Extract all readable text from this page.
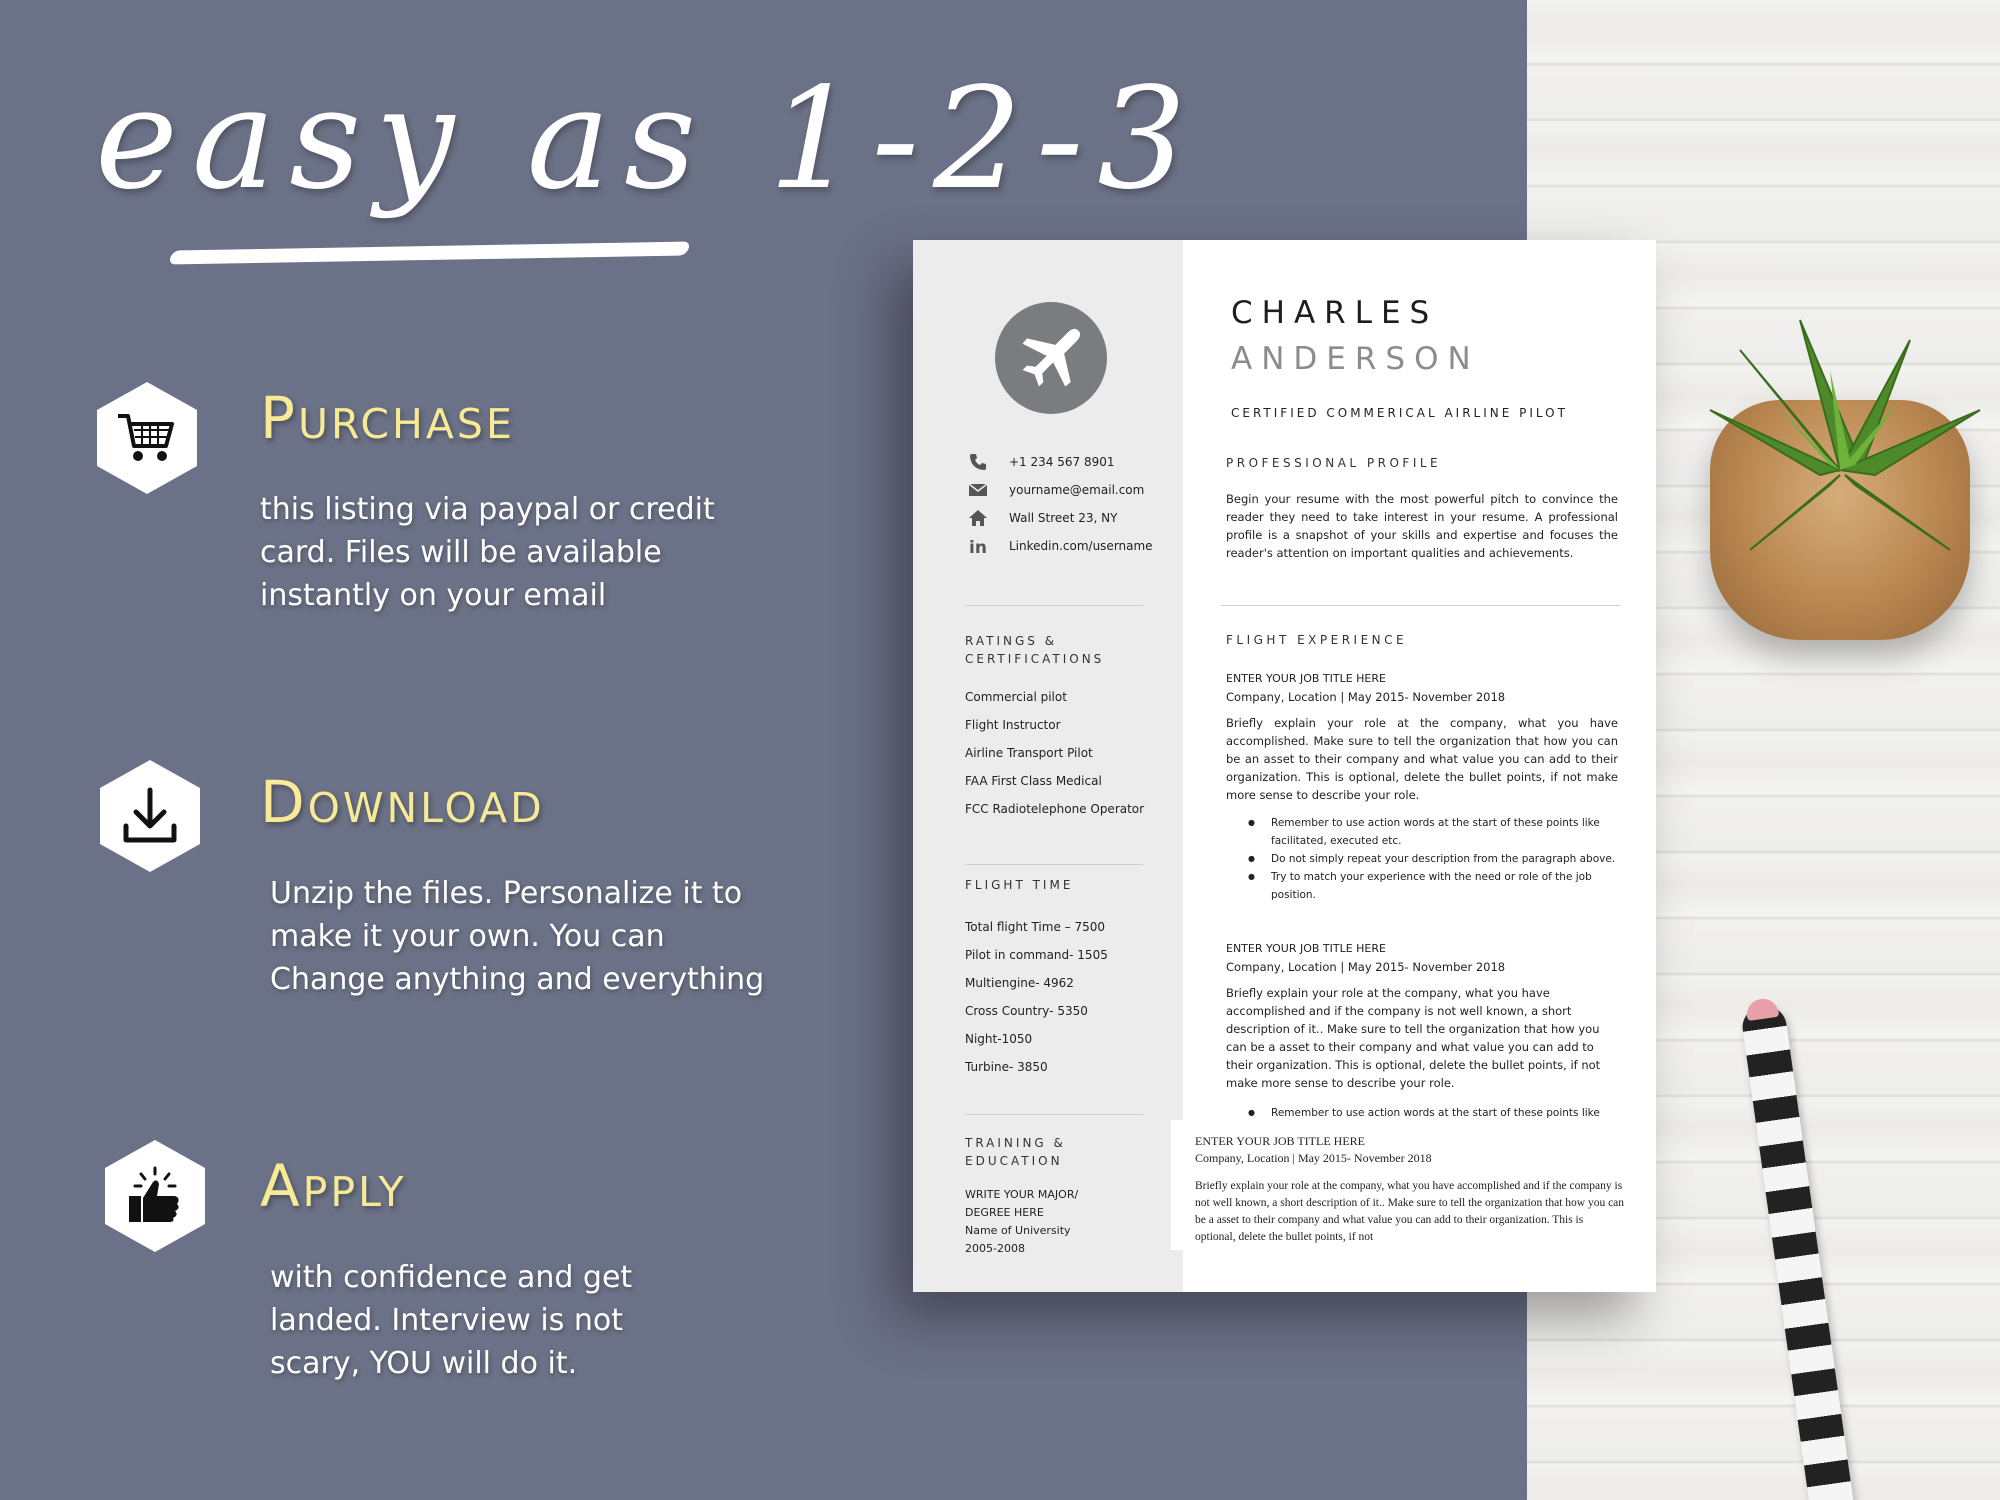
easy as 1-2-3
Purchase
this listing via paypal or credit card. Files will be available instantly on your email
Download
Unzip the files. Personalize it to make it your own. You can Change anything and everything
Apply
with confidence and get landed. Interview is not scary, YOU will do it.
+1 234 567 8901
yourname@email.com
Wall Street 23, NY
in Linkedin.com/username
RATINGS &
CERTIFICATIONS
Commercial pilot
Flight Instructor
Airline Transport Pilot
FAA First Class Medical
FCC Radiotelephone Operator
FLIGHT TIME
Total flight Time – 7500
Pilot in command- 1505
Multiengine- 4962
Cross Country- 5350
Night-1050
Turbine- 3850
TRAINING &
EDUCATION
WRITE YOUR MAJOR/
DEGREE HERE
Name of University
2005-2008
CHARLES
ANDERSON
CERTIFIED COMMERICAL AIRLINE PILOT
PROFESSIONAL PROFILE
Begin your resume with the most powerful pitch to convince the reader they need to take interest in your resume. A professional profile is a snapshot of your skills and expertise and focuses the reader's attention on important qualities and achievements.
FLIGHT EXPERIENCE
ENTER YOUR JOB TITLE HERE
Company, Location | May 2015- November 2018
Briefly explain your role at the company, what you have accomplished. Make sure to tell the organization that how you can be an asset to their company and what value you can add to their organization. This is optional, delete the bullet points, if not make more sense to describe your role.
● Remember to use action words at the start of these points like facilitated, executed etc.
● Do not simply repeat your description from the paragraph above.
● Try to match your experience with the need or role of the job position.
ENTER YOUR JOB TITLE HERE
Company, Location | May 2015- November 2018
Briefly explain your role at the company, what you have accomplished and if the company is not well known, a short description of it.. Make sure to tell the organization that how you can be a asset to their company and what value you can add to their organization. This is optional, delete the bullet points, if not make more sense to describe your role.
● Remember to use action words at the start of these points like
ENTER YOUR JOB TITLE HERE
Company, Location | May 2015- November 2018
Briefly explain your role at the company, what you have accomplished and if the company is not well known, a short description of it.. Make sure to tell the organization that how you can be a asset to their company and what value you can add to their organization. This is optional, delete the bullet points, if not
